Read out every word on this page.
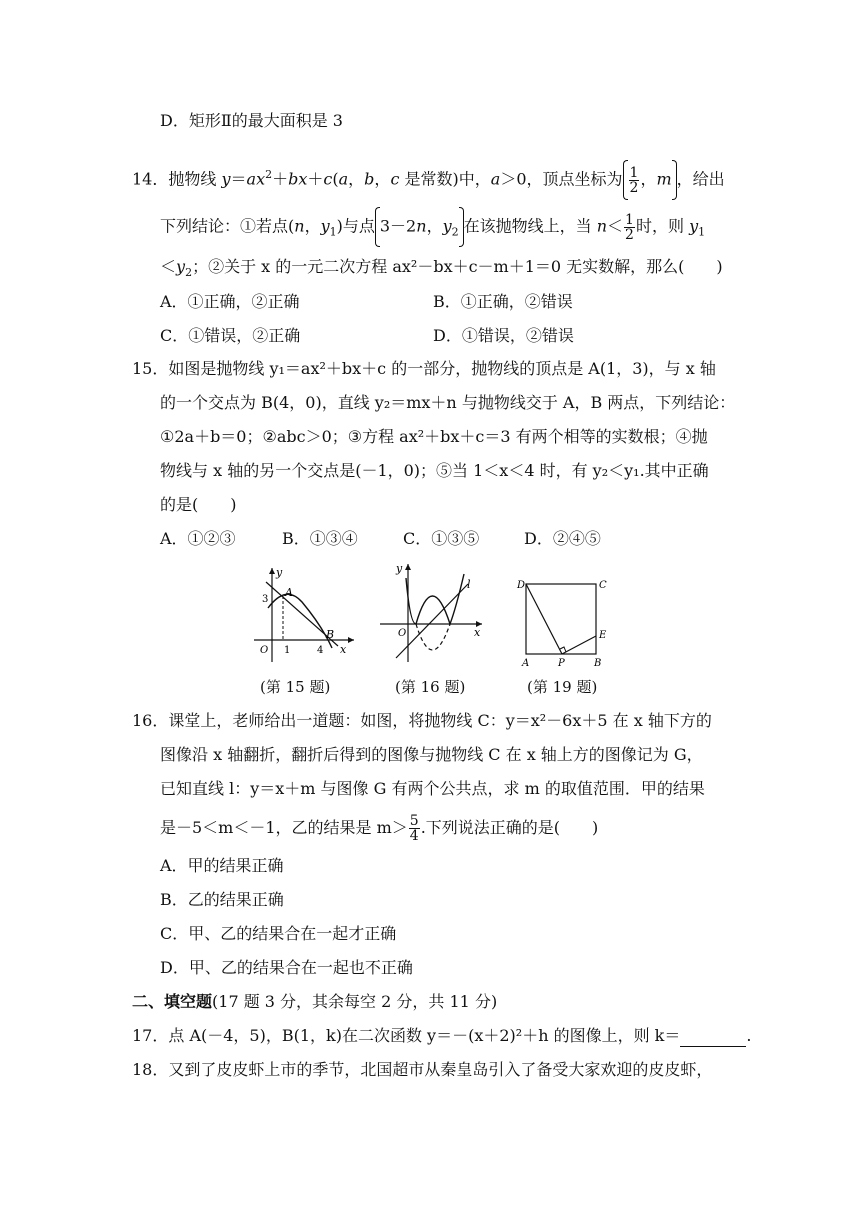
D．矩形Ⅱ的最大面积是 3
14．抛物线 $y=ax^2+bx+c(a$，b，c 是常数)中，a＞0，顶点坐标为 $\frac{1}{2}$ ，m ，给出
下列结论：①若点(n，$y_1$)与点 3－2n，$y_2$ 在该抛物线上，当 $n< \frac{1}{2}$ 时，则 $y_1$
$<y_2$；②关于 x 的一元二次方程 ax²－bx＋c－m＋1＝0 无实数解，那么(　　)
A．①正确，②正确	B．①正确，②错误
C．①错误，②正确	D．①错误，②错误
15．如图是抛物线 y₁＝ax²＋bx＋c 的一部分，抛物线的顶点是 A(1，3)，与 x 轴
的一个交点为 B(4，0)，直线 y₂＝mx＋n 与抛物线交于 A，B 两点，下列结论：
①2a＋b＝0；②abc＞0；③方程 ax²＋bx＋c＝3 有两个相等的实数根；④抛
物线与 x 轴的另一个交点是(－1，0)；⑤当 1＜x＜4 时，有 y₂＜y₁.其中正确
的是(　　)
A．①②③	B．①③④	C．①③⑤	D．②④⑤
y
A
3
O 1	4
B
x
y
l
O	x
D	C
E
A	P	B
(第 15 题)	(第 16 题)	(第 19 题)
16．课堂上，老师给出一道题：如图，将抛物线 C：y＝x²－6x＋5 在 x 轴下方的
图像沿 x 轴翻折，翻折后得到的图像与抛物线 C 在 x 轴上方的图像记为 G，
已知直线 l：y＝x＋m 与图像 G 有两个公共点，求 m 的取值范围．甲的结果
是－5＜m＜－1，乙的结果是 $m> \frac{5}{4}$ .下列说法正确的是(　　)
A．甲的结果正确
B．乙的结果正确
C．甲、乙的结果合在一起才正确
D．甲、乙的结果合在一起也不正确
二、填空题(17 题 3 分，其余每空 2 分，共 11 分)
17．点 A(－4，5)，B(1，k)在二次函数 y＝－(x＋2)²＋h 的图像上，则 k＝	.
18．又到了皮皮虾上市的季节，北国超市从秦皇岛引入了备受大家欢迎的皮皮虾，
